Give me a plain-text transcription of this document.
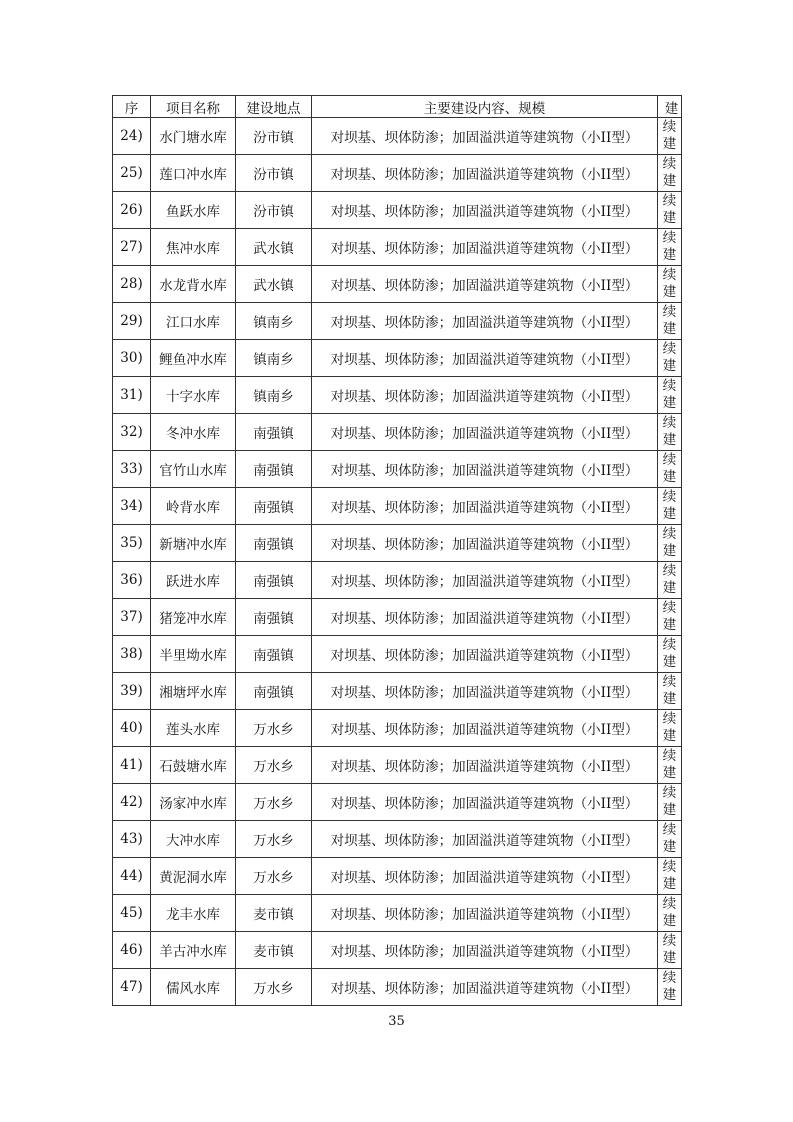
序	项目名称	建设地点	主要建设内容、规模	建
24)	水门塘水库	汾市镇	对坝基、坝体防渗；加固溢洪道等建筑物（小II型）	续建
25)	莲口冲水库	汾市镇	对坝基、坝体防渗；加固溢洪道等建筑物（小II型）	续建
26)	鱼跃水库	汾市镇	对坝基、坝体防渗；加固溢洪道等建筑物（小II型）	续建
27)	焦冲水库	武水镇	对坝基、坝体防渗；加固溢洪道等建筑物（小II型）	续建
28)	水龙背水库	武水镇	对坝基、坝体防渗；加固溢洪道等建筑物（小II型）	续建
29)	江口水库	镇南乡	对坝基、坝体防渗；加固溢洪道等建筑物（小II型）	续建
30)	鲤鱼冲水库	镇南乡	对坝基、坝体防渗；加固溢洪道等建筑物（小II型）	续建
31)	十字水库	镇南乡	对坝基、坝体防渗；加固溢洪道等建筑物（小II型）	续建
32)	冬冲水库	南强镇	对坝基、坝体防渗；加固溢洪道等建筑物（小II型）	续建
33)	官竹山水库	南强镇	对坝基、坝体防渗；加固溢洪道等建筑物（小II型）	续建
34)	岭背水库	南强镇	对坝基、坝体防渗；加固溢洪道等建筑物（小II型）	续建
35)	新塘冲水库	南强镇	对坝基、坝体防渗；加固溢洪道等建筑物（小II型）	续建
36)	跃进水库	南强镇	对坝基、坝体防渗；加固溢洪道等建筑物（小II型）	续建
37)	猪笼冲水库	南强镇	对坝基、坝体防渗；加固溢洪道等建筑物（小II型）	续建
38)	半里坳水库	南强镇	对坝基、坝体防渗；加固溢洪道等建筑物（小II型）	续建
39)	湘塘坪水库	南强镇	对坝基、坝体防渗；加固溢洪道等建筑物（小II型）	续建
40)	莲头水库	万水乡	对坝基、坝体防渗；加固溢洪道等建筑物（小II型）	续建
41)	石鼓塘水库	万水乡	对坝基、坝体防渗；加固溢洪道等建筑物（小II型）	续建
42)	汤家冲水库	万水乡	对坝基、坝体防渗；加固溢洪道等建筑物（小II型）	续建
43)	大冲水库	万水乡	对坝基、坝体防渗；加固溢洪道等建筑物（小II型）	续建
44)	黄泥洞水库	万水乡	对坝基、坝体防渗；加固溢洪道等建筑物（小II型）	续建
45)	龙丰水库	麦市镇	对坝基、坝体防渗；加固溢洪道等建筑物（小II型）	续建
46)	羊古冲水库	麦市镇	对坝基、坝体防渗；加固溢洪道等建筑物（小II型）	续建
47)	儒风水库	万水乡	对坝基、坝体防渗；加固溢洪道等建筑物（小II型）	续建
35
